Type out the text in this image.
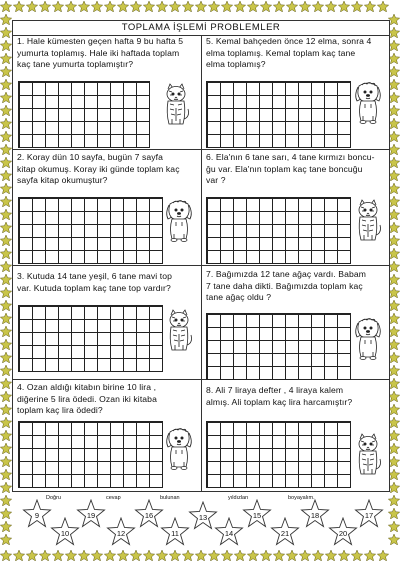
TOPLAMA İŞLEMİ PROBLEMLER
1. Hale kümesten geçen hafta 9 bu hafta 5
yumurta toplamış. Hale iki haftada toplam
kaç tane yumurta toplamıştır?
5. Kemal bahçeden önce 12 elma, sonra 4
elma toplamış. Kemal toplam kaç tane
elma toplamış?
2. Koray dün 10 sayfa, bugün 7 sayfa
kitap okumuş. Koray iki günde toplam kaç
sayfa kitap okumuştur?
6. Ela'nın 6 tane sarı, 4 tane kırmızı boncu-
ğu var. Ela'nın toplam kaç tane boncuğu
var ?
3. Kutuda 14 tane yeşil, 6 tane mavi top
var. Kutuda toplam kaç tane top vardır?
7. Bağımızda 12 tane ağaç vardı. Babam
7 tane daha dikti. Bağımızda toplam kaç
tane ağaç oldu ?
4. Ozan aldığı kitabın birine 10 lira ,
diğerine 5 lira ödedi. Ozan iki kitaba
toplam kaç lira ödedi?
8. Ali 7 liraya defter , 4 liraya kalem
almış. Ali toplam kaç lira harcamıştır?
Doğru	cevap	bulunan	yıldızları	boyayalım.
9	19	16	13	15	18	17
10	12	11	14	21	20
